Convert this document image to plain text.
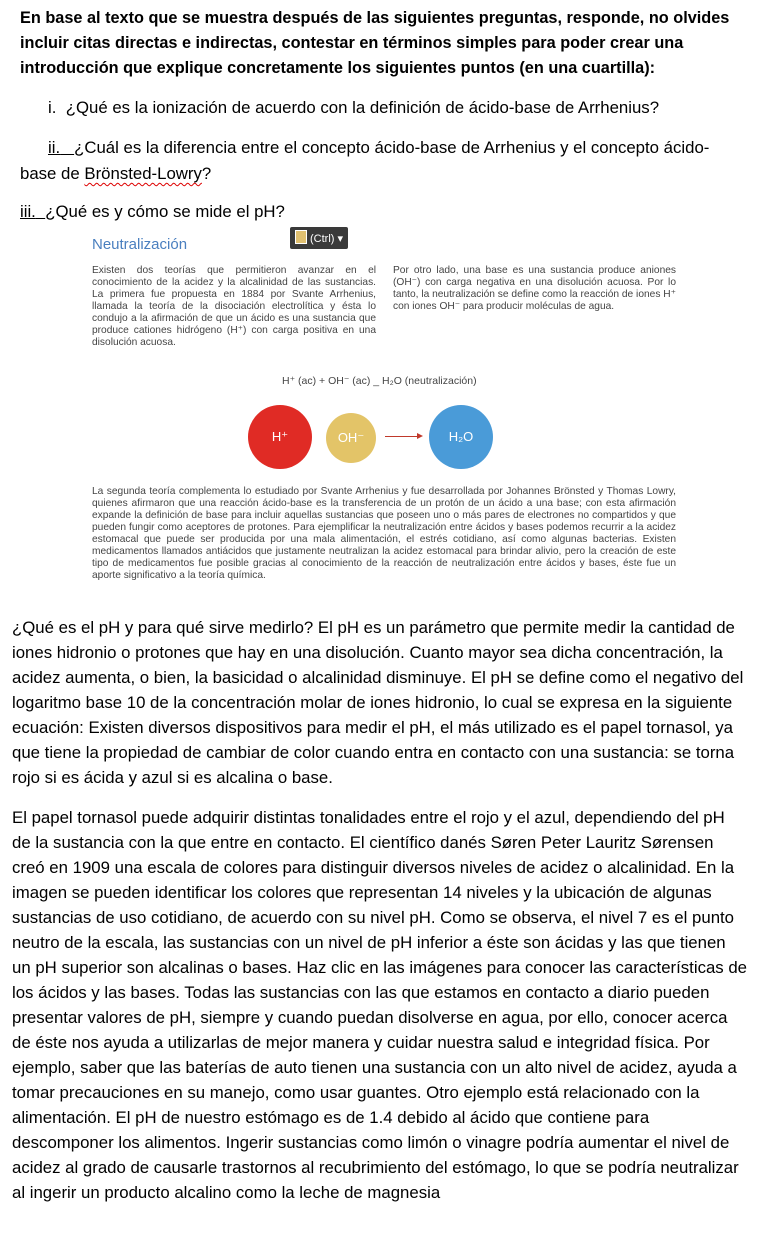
En base al texto que se muestra después de las siguientes preguntas, responde, no olvides incluir citas directas e indirectas, contestar en términos simples para poder crear una introducción que explique concretamente los siguientes puntos (en una cuartilla):
i. ¿Qué es la ionización de acuerdo con la definición de ácido-base de Arrhenius?
ii. ¿Cuál es la diferencia entre el concepto ácido-base de Arrhenius y el concepto ácido-base de Brönsted-Lowry?
iii. ¿Qué es y cómo se mide el pH?
Neutralización	(Ctrl) ▾
Existen dos teorías que permitieron avanzar en el conocimiento de la acidez y la alcalinidad de las sustancias. La primera fue propuesta en 1884 por Svante Arrhenius, llamada la teoría de la disociación electrolítica y ésta lo condujo a la afirmación de que un ácido es una sustancia que produce cationes hidrógeno (H⁺) con carga positiva en una disolución acuosa.
Por otro lado, una base es una sustancia produce aniones (OH⁻) con carga negativa en una disolución acuosa. Por lo tanto, la neutralización se define como la reacción de iones H⁺ con iones OH⁻ para producir moléculas de agua.
H⁺ (ac) + OH⁻ (ac) _ H₂O (neutralización)
H⁺	OH⁻	H₂O
La segunda teoría complementa lo estudiado por Svante Arrhenius y fue desarrollada por Johannes Brönsted y Thomas Lowry, quienes afirmaron que una reacción ácido-base es la transferencia de un protón de un ácido a una base; con esta afirmación expande la definición de base para incluir aquellas sustancias que poseen uno o más pares de electrones no compartidos y que pueden fungir como aceptores de protones. Para ejemplificar la neutralización entre ácidos y bases podemos recurrir a la acidez estomacal que puede ser producida por una mala alimentación, el estrés cotidiano, así como algunas bacterias. Existen medicamentos llamados antiácidos que justamente neutralizan la acidez estomacal para brindar alivio, pero la creación de este tipo de medicamentos fue posible gracias al conocimiento de la reacción de neutralización entre ácidos y bases, éste fue un aporte significativo a la teoría química.
¿Qué es el pH y para qué sirve medirlo? El pH es un parámetro que permite medir la cantidad de iones hidronio o protones que hay en una disolución. Cuanto mayor sea dicha concentración, la acidez aumenta, o bien, la basicidad o alcalinidad disminuye. El pH se define como el negativo del logaritmo base 10 de la concentración molar de iones hidronio, lo cual se expresa en la siguiente ecuación: Existen diversos dispositivos para medir el pH, el más utilizado es el papel tornasol, ya que tiene la propiedad de cambiar de color cuando entra en contacto con una sustancia: se torna rojo si es ácida y azul si es alcalina o base.
El papel tornasol puede adquirir distintas tonalidades entre el rojo y el azul, dependiendo del pH de la sustancia con la que entre en contacto. El científico danés Søren Peter Lauritz Sørensen creó en 1909 una escala de colores para distinguir diversos niveles de acidez o alcalinidad. En la imagen se pueden identificar los colores que representan 14 niveles y la ubicación de algunas sustancias de uso cotidiano, de acuerdo con su nivel pH. Como se observa, el nivel 7 es el punto neutro de la escala, las sustancias con un nivel de pH inferior a éste son ácidas y las que tienen un pH superior son alcalinas o bases. Haz clic en las imágenes para conocer las características de los ácidos y las bases. Todas las sustancias con las que estamos en contacto a diario pueden presentar valores de pH, siempre y cuando puedan disolverse en agua, por ello, conocer acerca de éste nos ayuda a utilizarlas de mejor manera y cuidar nuestra salud e integridad física. Por ejemplo, saber que las baterías de auto tienen una sustancia con un alto nivel de acidez, ayuda a tomar precauciones en su manejo, como usar guantes. Otro ejemplo está relacionado con la alimentación. El pH de nuestro estómago es de 1.4 debido al ácido que contiene para descomponer los alimentos. Ingerir sustancias como limón o vinagre podría aumentar el nivel de acidez al grado de causarle trastornos al recubrimiento del estómago, lo que se podría neutralizar al ingerir un producto alcalino como la leche de magnesia
